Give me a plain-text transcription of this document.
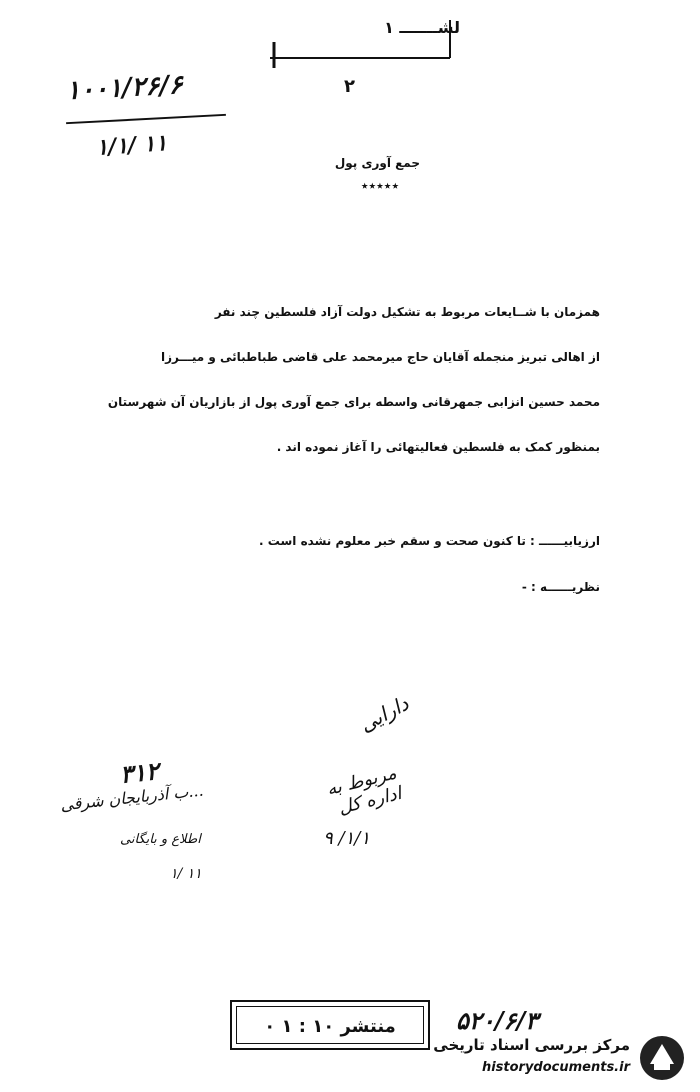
ﻟﺸـــــــ ۱
۲
۱۰۰۱/۲۶/۶
۱/۱/ ۱۱
جمع آوری پول
٭٭٭٭٭
همزمان با شــایعات مربوط به تشکیل دولت آزاد فلسطین چند نفر
از اهالی تبریز منجمله آقایان حاج میرمحمد علی قاضی طباطبائی و میـــرزا
محمد حسین انزابی جمهرقانی واسطه برای جمع آوری پول از بازاریان آن شهرستان
بمنظور کمک به فلسطین فعالیتهائی را آغاز نموده اند .
ارزیابیــــــ : تا کنون صحت و سقم خبر معلوم نشده است .
نظریــــــه : -
دارایی
مربوط به اداره کل
۱/۱/ ۹
۳۱۲
...ب آذربایجان شرقی
اطلاع و بایگانی
۱۱ /۱
منتشر ۱۰ : ۱ ۰	۵۲۰/۶/۳
مرکز بررسی اسناد تاریخی
historydocuments.ir
